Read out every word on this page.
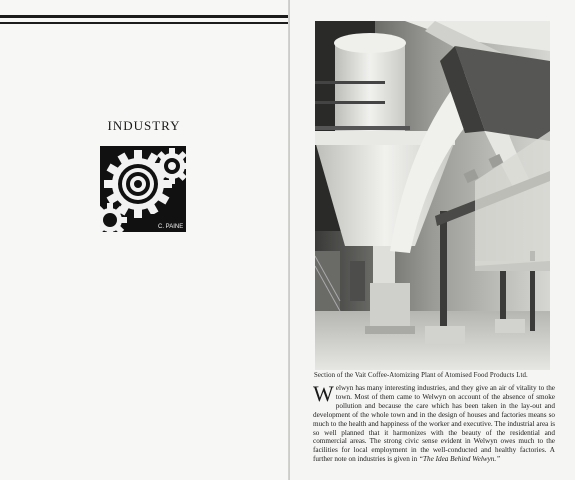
INDUSTRY
C. PAINE
Section of the Vait Coffee-Atomizing Plant of Atomised Food Products Ltd.
Welwyn has many interesting industries, and they give an air of vitality to the town. Most of them came to Welwyn on account of the absence of smoke pollution and because the care which has been taken in the lay-out and development of the whole town and in the design of houses and factories means so much to the health and happiness of the worker and executive. The industrial area is so well planned that it harmonizes with the beauty of the residential and commercial areas. The strong civic sense evident in Welwyn owes much to the facilities for local employment in the well-conducted and healthy factories. A further note on industries is given in “The Idea Behind Welwyn.”
